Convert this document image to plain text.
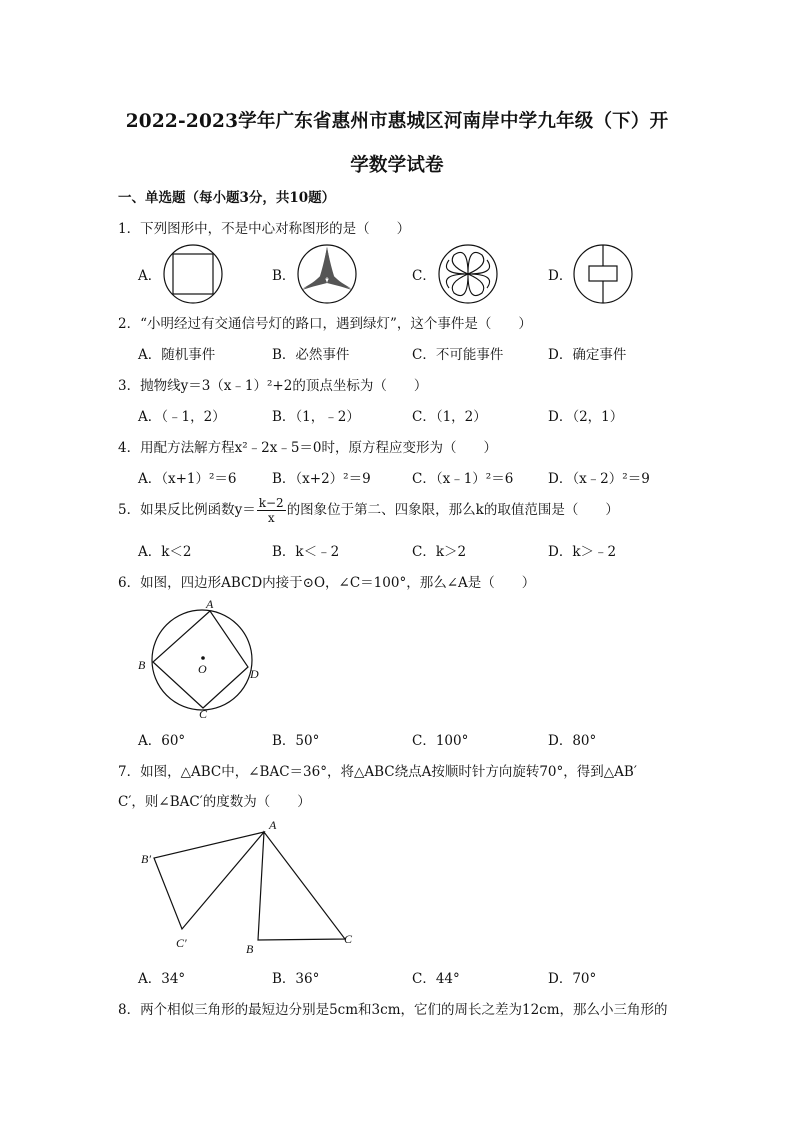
2022-2023学年广东省惠州市惠城区河南岸中学九年级（下）开
学数学试卷
一、单选题（每小题3分，共10题）
1．下列图形中，不是中心对称图形的是（　　）
A．	B．	C．	D．
2．“小明经过有交通信号灯的路口，遇到绿灯”，这个事件是（　　）
A．随机事件	B．必然事件	C．不可能事件	D．确定事件
3．抛物线y＝3（x﹣1）²+2的顶点坐标为（　　）
A．（﹣1，2）	B．（1，﹣2）	C．（1，2）	D．（2，1）
4．用配方法解方程x²﹣2x﹣5＝0时，原方程应变形为（　　）
A．（x+1）²＝6	B．（x+2）²＝9	C．（x﹣1）²＝6	D．（x﹣2）²＝9
5．如果反比例函数$y= \frac{k-2}{x}$ 的图象位于第二、四象限，那么k的取值范围是（　　）
A．k＜2	B．k＜﹣2	C．k＞2	D．k＞﹣2
6．如图，四边形ABCD内接于⊙O，∠C＝100°，那么∠A是（　　）
A
B
C
D
O
A．60°	B．50°	C．100°	D．80°
7．如图，△ABC中，∠BAC＝36°，将△ABC绕点A按顺时针方向旋转70°，得到△AB′
C′，则∠BAC′的度数为（　　）
A
B′
C′	B
C
A．34°	B．36°	C．44°	D．70°
8．两个相似三角形的最短边分别是5cm和3cm，它们的周长之差为12cm，那么小三角形的
